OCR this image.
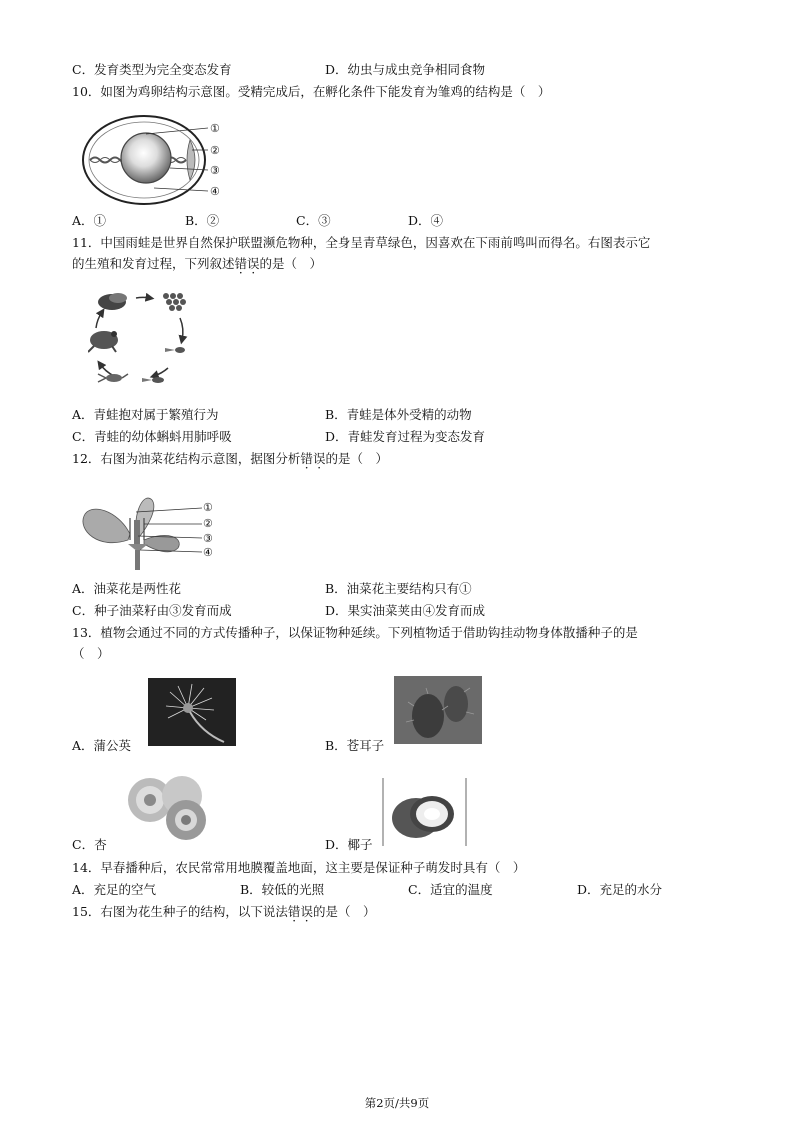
C．发育类型为完全变态发育	D．幼虫与成虫竞争相同食物
10．如图为鸡卵结构示意图。受精完成后，在孵化条件下能发育为雏鸡的结构是（　）
①
②
③
④
A．①	B．②	C．③	D．④
11．中国雨蛙是世界自然保护联盟濒危物种，全身呈青草绿色，因喜欢在下雨前鸣叫而得名。右图表示它
的生殖和发育过程，下列叙述错误的是（　）
A．青蛙抱对属于繁殖行为	B．青蛙是体外受精的动物
C．青蛙的幼体蝌蚪用肺呼吸	D．青蛙发育过程为变态发育
12．右图为油菜花结构示意图，据图分析错误的是（　）
①
②
③
④
A．油菜花是两性花	B．油菜花主要结构只有①
C．种子油菜籽由③发育而成	D．果实油菜荚由④发育而成
13．植物会通过不同的方式传播种子，以保证物种延续。下列植物适于借助钩挂动物身体散播种子的是
（　）
A．蒲公英	B．苍耳子
C．杏	D．椰子
14．早春播种后，农民常常用地膜覆盖地面，这主要是保证种子萌发时具有（　）
A．充足的空气	B．较低的光照	C．适宜的温度	D．充足的水分
15．右图为花生种子的结构，以下说法错误的是（　）
第2页/共9页
